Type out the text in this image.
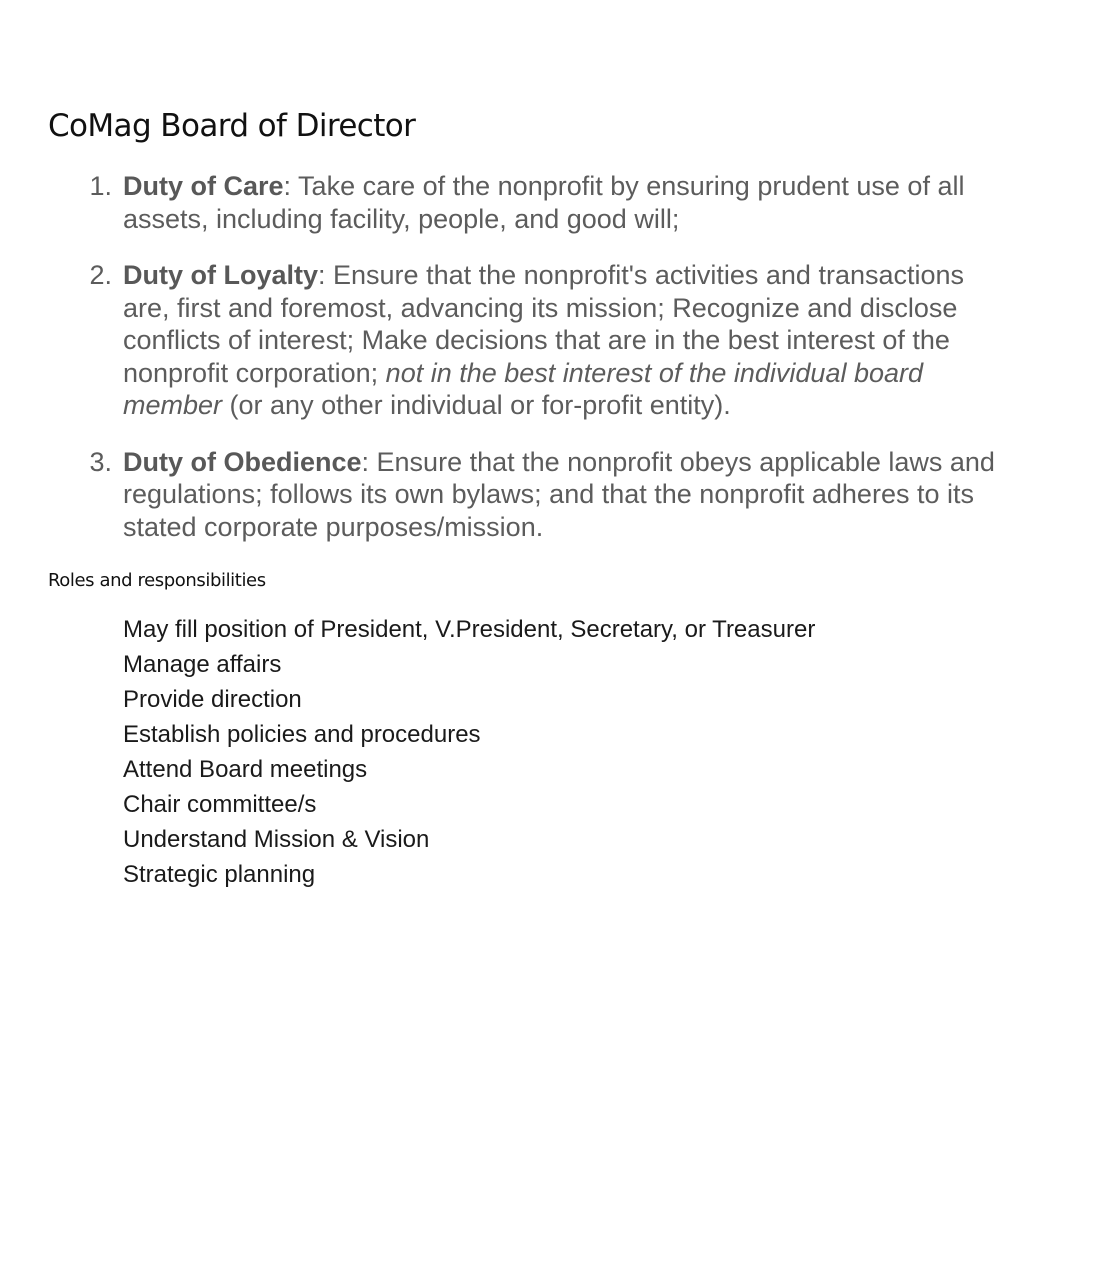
CoMag Board of Director
1. Duty of Care: Take care of the nonprofit by ensuring prudent use of all assets, including facility, people, and good will;
2. Duty of Loyalty: Ensure that the nonprofit's activities and transactions are, first and foremost, advancing its mission; Recognize and disclose conflicts of interest; Make decisions that are in the best interest of the nonprofit corporation; not in the best interest of the individual board member (or any other individual or for-profit entity).
3. Duty of Obedience: Ensure that the nonprofit obeys applicable laws and regulations; follows its own bylaws; and that the nonprofit adheres to its stated corporate purposes/mission.
Roles and responsibilities
May fill position of President, V.President, Secretary, or Treasurer
Manage affairs
Provide direction
Establish policies and procedures
Attend Board meetings
Chair committee/s
Understand Mission & Vision
Strategic planning
